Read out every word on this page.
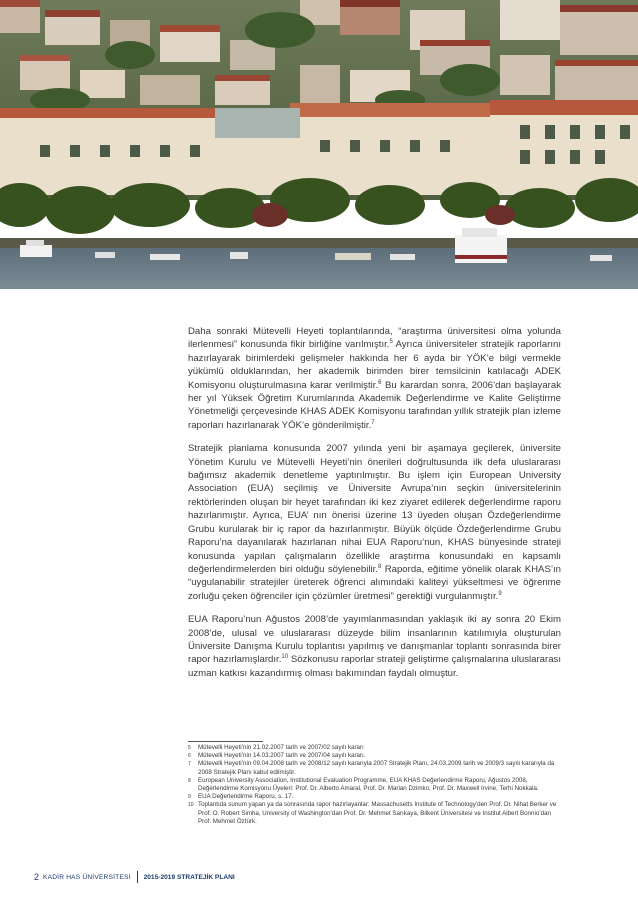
Daha sonraki Mütevelli Heyeti toplantılarında, “araştırma üniversitesi olma yolunda ilerlenmesi” konusunda fikir birliğine varılmıştır.$^5$ Ayrıca üniversiteler stratejik raporlarını hazırlayarak birimlerdeki gelişmeler hakkında her 6 ayda bir YÖK’e bilgi vermekle yükümlü olduklarından, her akademik birimden birer temsilcinin katılacağı ADEK Komisyonu oluşturulmasına karar verilmiştir.$^6$ Bu karardan sonra, 2006’dan başlayarak her yıl Yüksek Öğretim Kurumlarında Akademik Değerlendirme ve Kalite Geliştirme Yönetmeliği çerçevesinde KHAS ADEK Komisyonu tarafından yıllık stratejik plan izleme raporları hazırlanarak YÖK’e gönderilmiştir.$^7$

Stratejik planlama konusunda 2007 yılında yeni bir aşamaya geçilerek, üniversite Yönetim Kurulu ve Mütevelli Heyeti’nin önerileri doğrultusunda ilk defa uluslararası bağımsız akademik denetleme yaptırılmıştır. Bu işlem için European University Association (EUA) seçilmiş ve Üniversite Avrupa’nın seçkin üniversitelerinin rektörlerinden oluşan bir heyet tarafından iki kez ziyaret edilerek değerlendirme raporu hazırlanmıştır. Ayrıca, EUA’ nın önerisi üzerine 13 üyeden oluşan Özdeğerlendirme Grubu kurularak bir iç rapor da hazırlanmıştır. Büyük ölçüde Özdeğerlendirme Grubu Raporu’na dayanılarak hazırlanan nihai EUA Raporu’nun, KHAS bünyesinde strateji konusunda yapılan çalışmaların özellikle araştırma konusundaki en kapsamlı değerlendirmelerden biri olduğu söylenebilir.$^8$ Raporda, eğitime yönelik olarak KHAS’ın “uygulanabilir stratejiler üreterek öğrenci alımındaki kaliteyi yükseltmesi ve öğrenme zorluğu çeken öğrenciler için çözümler üretmesi” gerektiği vurgulanmıştır.$^9$

EUA Raporu’nun Ağustos 2008’de yayımlanmasından yaklaşık iki ay sonra 20 Ekim 2008’de, ulusal ve uluslararası düzeyde bilim insanlarının katılımıyla oluşturulan Üniversite Danışma Kurulu toplantısı yapılmış ve danışmanlar toplantı sonrasında birer rapor hazırlamışlardır.$^{10}$ Sözkonusu raporlar strateji geliştirme çalışmalarına uluslararası uzman katkısı kazandırmış olması bakımından faydalı olmuştur.

5	Mütevelli Heyeti’nin 21.02.2007 tarih ve 2007/02 sayılı kararı
6	Mütevelli Heyeti’nin 14.03.2007 tarih ve 2007/04 sayılı kararı.
7	Mütevelli Heyeti’nin 09.04.2008 tarih ve 2008/12 sayılı kararıyla 2007 Stratejik Planı, 24.03.2009 tarih ve 2009/3 sayılı kararıyla da 2008 Stratejik Planı kabul edilmiştir.
8	European University Association, Institutional Evaluation Programme, EUA KHAS Değerlendirme Raporu, Ağustos 2008, Değerlendirme Komisyonu Üyeleri: Prof. Dr. Alberto Amaral, Prof. Dr. Marian Dzimko, Prof. Dr. Maxwell Irvine, Terhi Nokkala.
9	EUA Değerlendirme Raporu, s. 17.
10 Toplantıda sunum yapan ya da sonrasında rapor hazırlayanlar: Massachusetts Institute of Technology’den Prof. Dr. Nihat Berker ve Prof. O. Robert Simha, University of Washington’dan Prof. Dr. Mehmet Sarıkaya, Bilkent Üniversitesi ve Institut Albert Bonnio’dan Prof. Mehmet Öztürk.
2 KADİR HAS ÜNİVERSİTESİ 2015-2019 STRATEJİK PLANI
